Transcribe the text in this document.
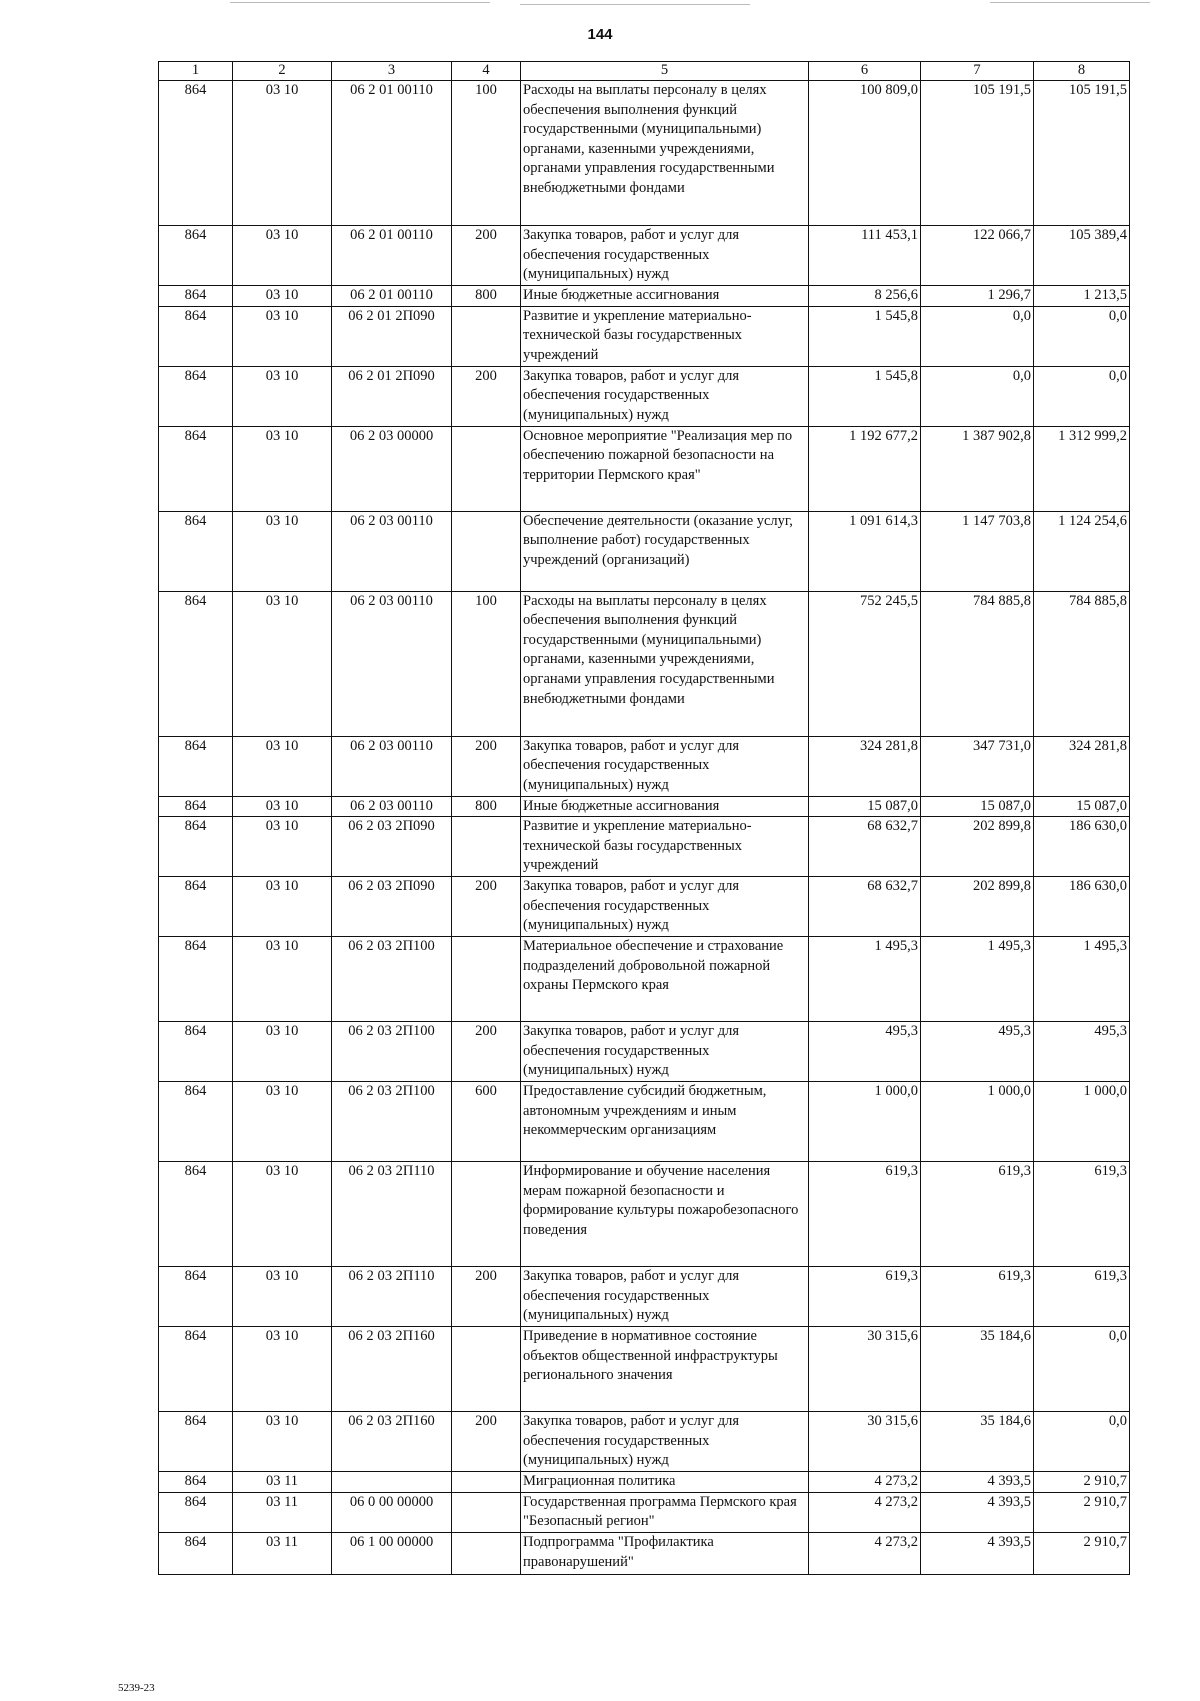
144
1	2	3	4	5	6	7	8
864	03 10	06 2 01 00110	100	Расходы на выплаты персоналу в целях обеспечения выполнения функций государственными (муниципальными) органами, казенными учреждениями, органами управления государственными внебюджетными фондами	100 809,0	105 191,5	105 191,5
864	03 10	06 2 01 00110	200	Закупка товаров, работ и услуг для обеспечения государственных (муниципальных) нужд	111 453,1	122 066,7	105 389,4
864	03 10	06 2 01 00110	800	Иные бюджетные ассигнования	8 256,6	1 296,7	1 213,5
864	03 10	06 2 01 2П090		Развитие и укрепление материально-технической базы государственных учреждений	1 545,8	0,0	0,0
864	03 10	06 2 01 2П090	200	Закупка товаров, работ и услуг для обеспечения государственных (муниципальных) нужд	1 545,8	0,0	0,0
864	03 10	06 2 03 00000		Основное мероприятие "Реализация мер по обеспечению пожарной безопасности на территории Пермского края"	1 192 677,2	1 387 902,8	1 312 999,2
864	03 10	06 2 03 00110		Обеспечение деятельности (оказание услуг, выполнение работ) государственных учреждений (организаций)	1 091 614,3	1 147 703,8	1 124 254,6
864	03 10	06 2 03 00110	100	Расходы на выплаты персоналу в целях обеспечения выполнения функций государственными (муниципальными) органами, казенными учреждениями, органами управления государственными внебюджетными фондами	752 245,5	784 885,8	784 885,8
864	03 10	06 2 03 00110	200	Закупка товаров, работ и услуг для обеспечения государственных (муниципальных) нужд	324 281,8	347 731,0	324 281,8
864	03 10	06 2 03 00110	800	Иные бюджетные ассигнования	15 087,0	15 087,0	15 087,0
864	03 10	06 2 03 2П090		Развитие и укрепление материально-технической базы государственных учреждений	68 632,7	202 899,8	186 630,0
864	03 10	06 2 03 2П090	200	Закупка товаров, работ и услуг для обеспечения государственных (муниципальных) нужд	68 632,7	202 899,8	186 630,0
864	03 10	06 2 03 2П100		Материальное обеспечение и страхование подразделений добровольной пожарной охраны Пермского края	1 495,3	1 495,3	1 495,3
864	03 10	06 2 03 2П100	200	Закупка товаров, работ и услуг для обеспечения государственных (муниципальных) нужд	495,3	495,3	495,3
864	03 10	06 2 03 2П100	600	Предоставление субсидий бюджетным, автономным учреждениям и иным некоммерческим организациям	1 000,0	1 000,0	1 000,0
864	03 10	06 2 03 2П110		Информирование и обучение населения мерам пожарной безопасности и формирование культуры пожаробезопасного поведения	619,3	619,3	619,3
864	03 10	06 2 03 2П110	200	Закупка товаров, работ и услуг для обеспечения государственных (муниципальных) нужд	619,3	619,3	619,3
864	03 10	06 2 03 2П160		Приведение в нормативное состояние объектов общественной инфраструктуры регионального значения	30 315,6	35 184,6	0,0
864	03 10	06 2 03 2П160	200	Закупка товаров, работ и услуг для обеспечения государственных (муниципальных) нужд	30 315,6	35 184,6	0,0
864	03 11			Миграционная политика	4 273,2	4 393,5	2 910,7
864	03 11	06 0 00 00000		Государственная программа Пермского края "Безопасный регион"	4 273,2	4 393,5	2 910,7
864	03 11	06 1 00 00000		Подпрограмма "Профилактика правонарушений"	4 273,2	4 393,5	2 910,7
5239-23
